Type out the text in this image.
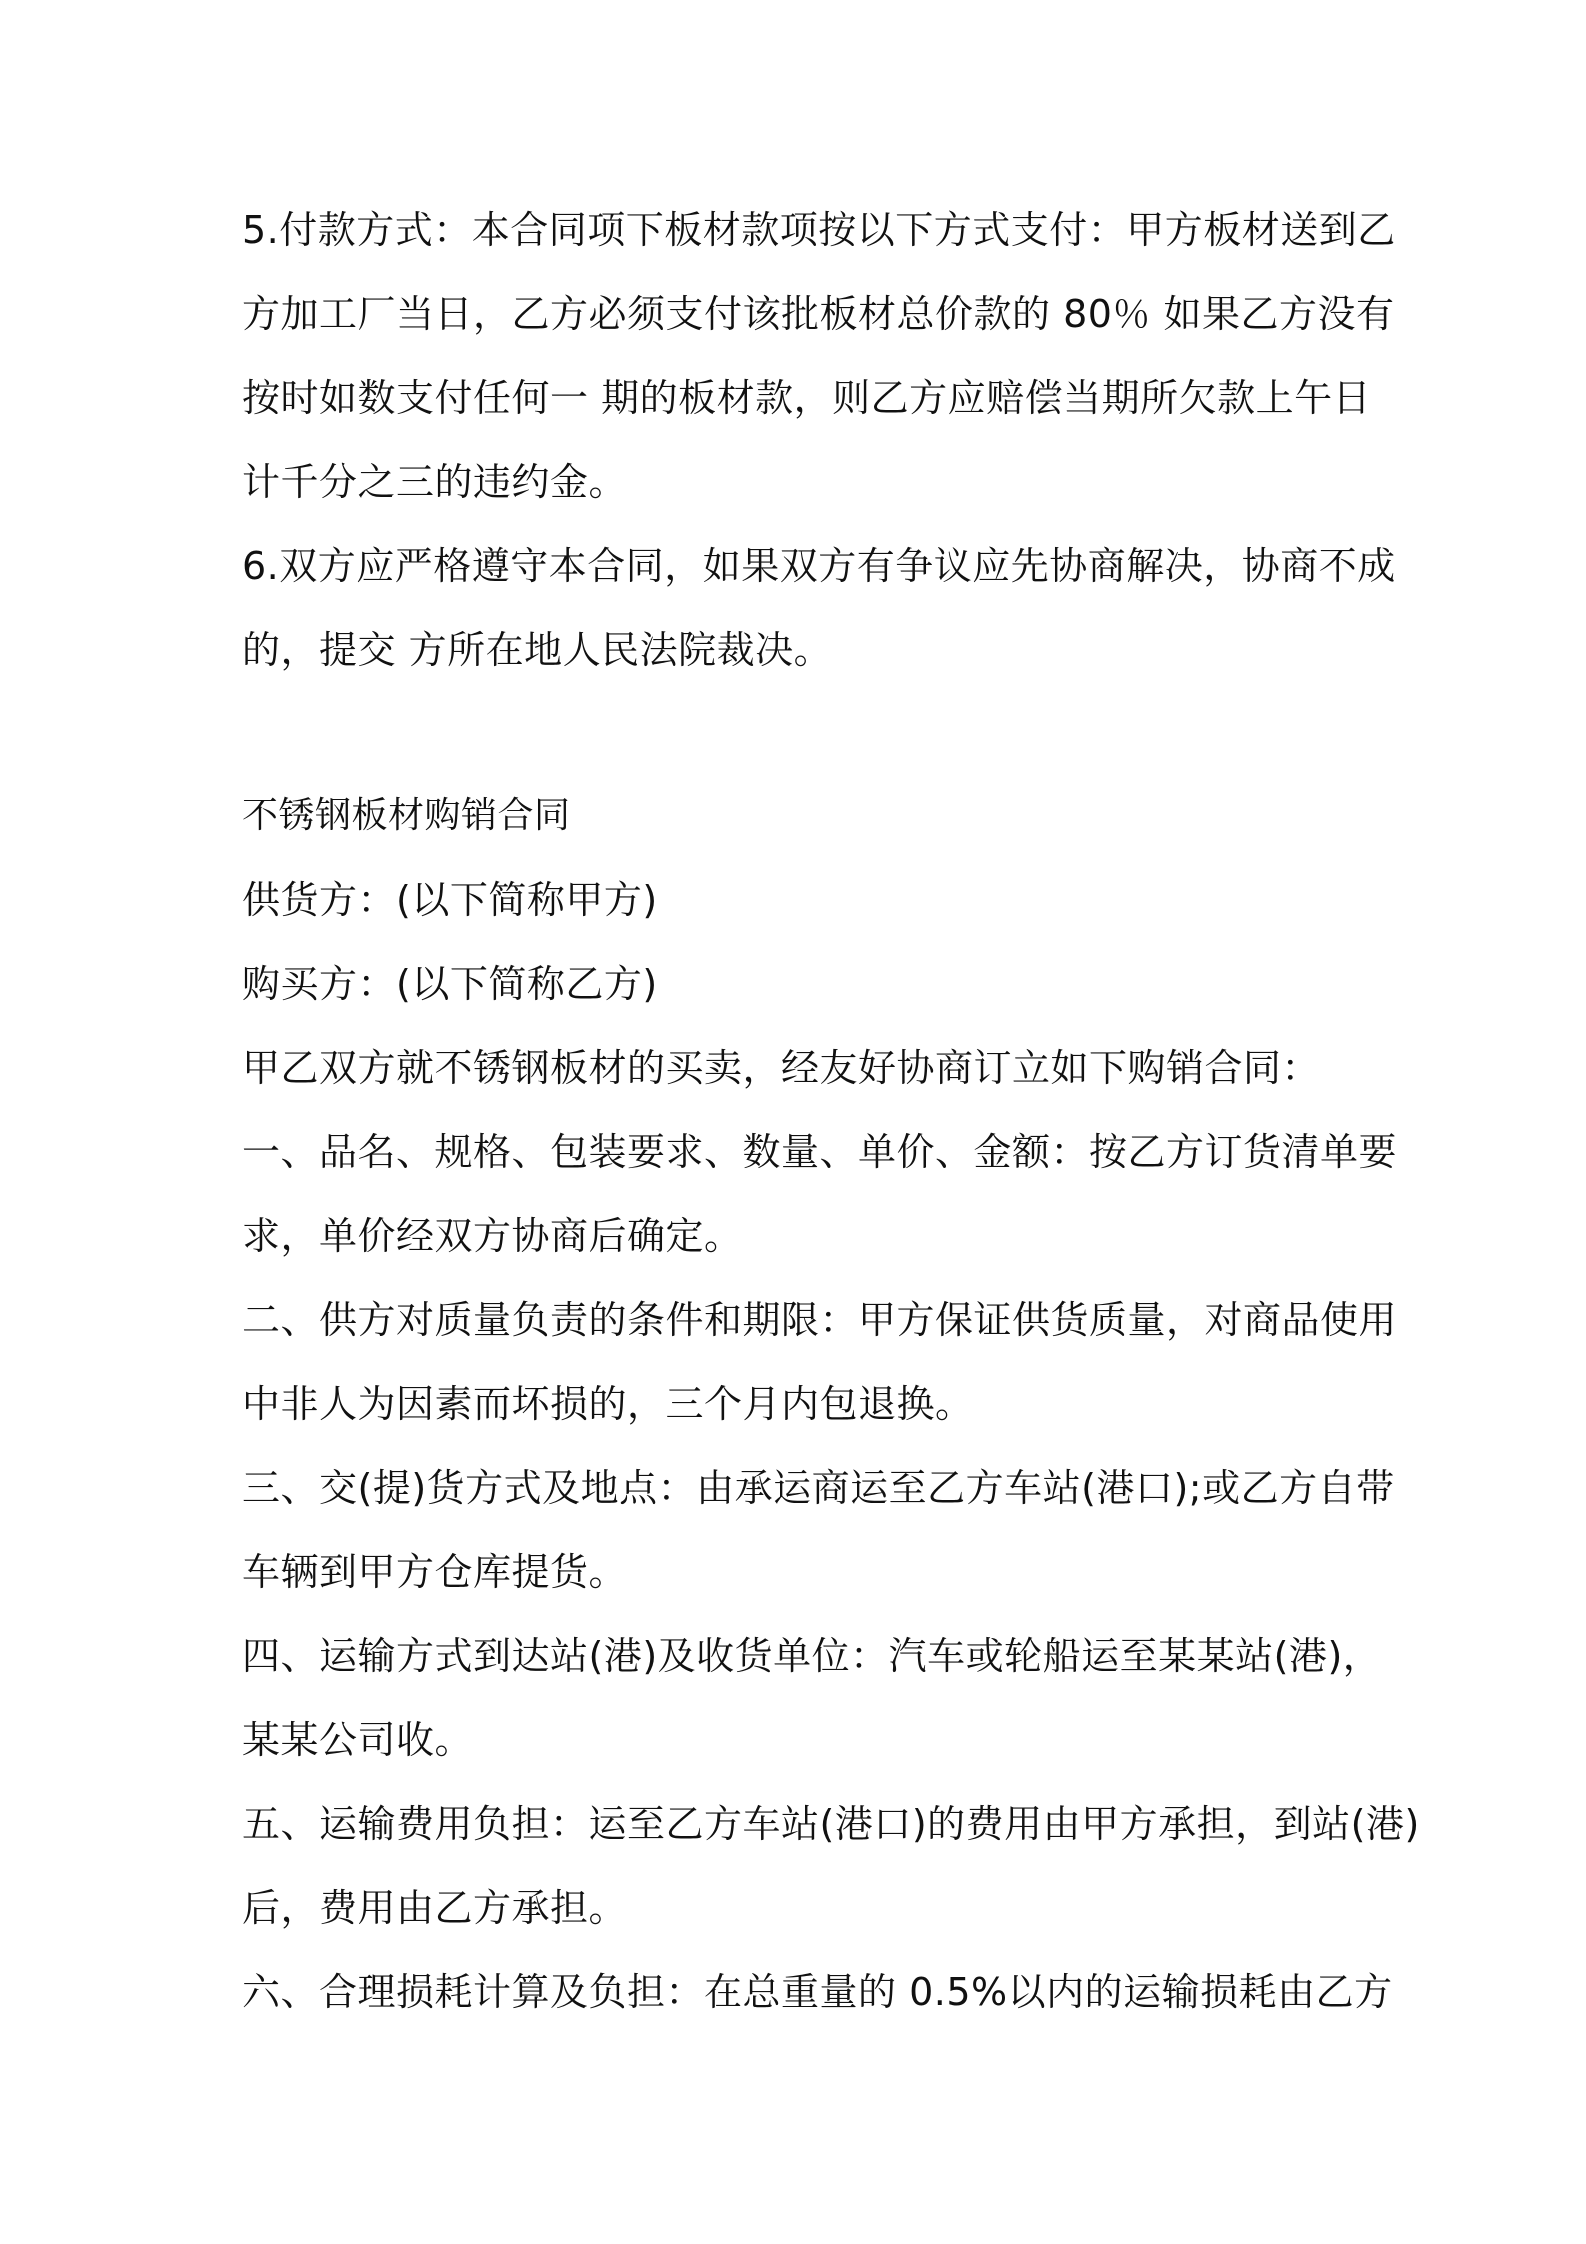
5.付款方式：本合同项下板材款项按以下方式支付：甲方板材送到乙
方加工厂当日，乙方必须支付该批板材总价款的 80％ 如果乙方没有
按时如数支付任何一 期的板材款，则乙方应赔偿当期所欠款上午日
计千分之三的违约金。
6.双方应严格遵守本合同，如果双方有争议应先协商解决，协商不成
的，提交 方所在地人民法院裁决。
不锈钢板材购销合同
供货方：(以下简称甲方)
购买方：(以下简称乙方)
甲乙双方就不锈钢板材的买卖，经友好协商订立如下购销合同：
一、品名、规格、包装要求、数量、单价、金额：按乙方订货清单要
求，单价经双方协商后确定。
二、供方对质量负责的条件和期限：甲方保证供货质量，对商品使用
中非人为因素而坏损的，三个月内包退换。
三、交(提)货方式及地点：由承运商运至乙方车站(港口);或乙方自带
车辆到甲方仓库提货。
四、运输方式到达站(港)及收货单位：汽车或轮船运至某某站(港)，
某某公司收。
五、运输费用负担：运至乙方车站(港口)的费用由甲方承担，到站(港)
后，费用由乙方承担。
六、合理损耗计算及负担：在总重量的 0.5%以内的运输损耗由乙方
